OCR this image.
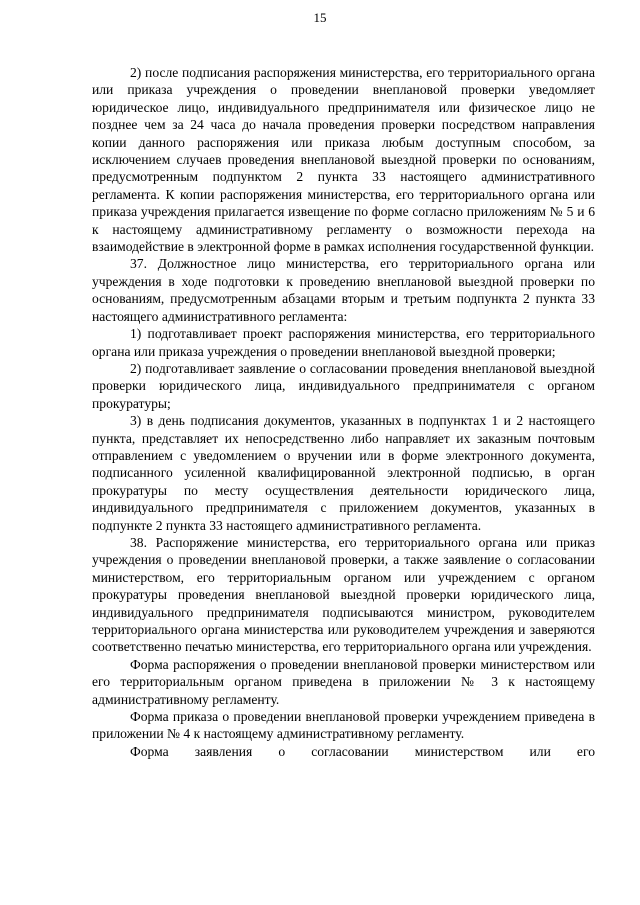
15

2) после подписания распоряжения министерства, его территориального органа или приказа учреждения о проведении внеплановой проверки уведомляет юридическое лицо, индивидуального предпринимателя или физическое лицо не позднее чем за 24 часа до начала проведения проверки посредством направления копии данного распоряжения или приказа любым доступным способом, за исключением случаев проведения внеплановой выездной проверки по основаниям, предусмотренным подпунктом 2 пункта 33 настоящего административного регламента. К копии распоряжения министерства, его территориального органа или приказа учреждения прилагается извещение по форме согласно приложениям № 5 и 6 к настоящему административному регламенту о возможности перехода на взаимодействие в электронной форме в рамках исполнения государственной функции.

37. Должностное лицо министерства, его территориального органа или учреждения в ходе подготовки к проведению внеплановой выездной проверки по основаниям, предусмотренным абзацами вторым и третьим подпункта 2 пункта 33 настоящего административного регламента:

1) подготавливает проект распоряжения министерства, его территориального органа или приказа учреждения о проведении внеплановой выездной проверки;

2) подготавливает заявление о согласовании проведения внеплановой выездной проверки юридического лица, индивидуального предпринимателя с органом прокуратуры;

3) в день подписания документов, указанных в подпунктах 1 и 2 настоящего пункта, представляет их непосредственно либо направляет их заказным почтовым отправлением с уведомлением о вручении или в форме электронного документа, подписанного усиленной квалифицированной электронной подписью, в орган прокуратуры по месту осуществления деятельности юридического лица, индивидуального предпринимателя с приложением документов, указанных в подпункте 2 пункта 33 настоящего административного регламента.

38. Распоряжение министерства, его территориального органа или приказ учреждения о проведении внеплановой проверки, а также заявление о согласовании министерством, его территориальным органом или учреждением с органом прокуратуры проведения внеплановой выездной проверки юридического лица, индивидуального предпринимателя подписываются министром, руководителем территориального органа министерства или руководителем учреждения и заверяются соответственно печатью министерства, его территориального органа или учреждения.

Форма распоряжения о проведении внеплановой проверки министерством или его территориальным органом приведена в приложении № 3 к настоящему административному регламенту.

Форма приказа о проведении внеплановой проверки учреждением приведена в приложении № 4 к настоящему административному регламенту.

Форма заявления о согласовании министерством или его
